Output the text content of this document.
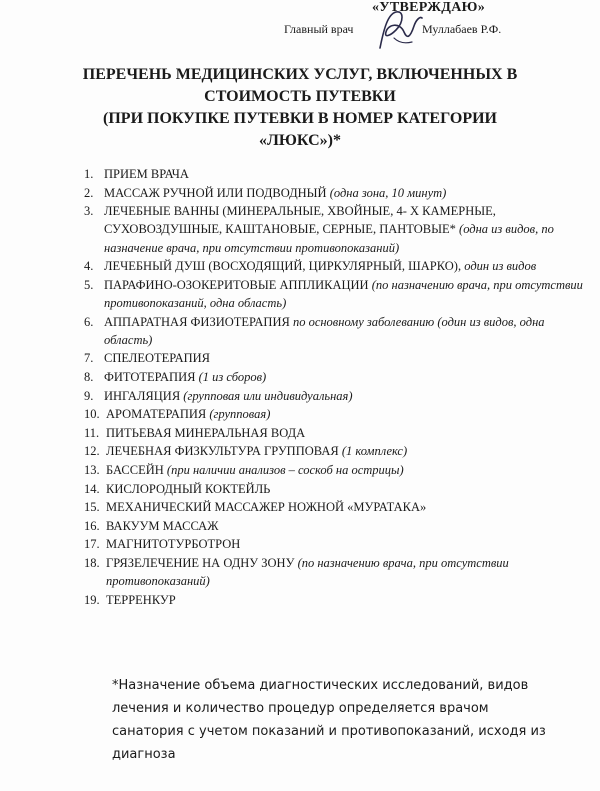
«УТВЕРЖДАЮ»
Главный врач	Муллабаев Р.Ф.
ПЕРЕЧЕНЬ МЕДИЦИНСКИХ УСЛУГ, ВКЛЮЧЕННЫХ В
СТОИМОСТЬ ПУТЕВКИ
(ПРИ ПОКУПКЕ ПУТЕВКИ В НОМЕР КАТЕГОРИИ
«ЛЮКС»)*
1. ПРИЕМ ВРАЧА
2. МАССАЖ РУЧНОЙ ИЛИ ПОДВОДНЫЙ (одна зона, 10 минут)
3. ЛЕЧЕБНЫЕ ВАННЫ (МИНЕРАЛЬНЫЕ, ХВОЙНЫЕ, 4- Х КАМЕРНЫЕ, СУХОВОЗДУШНЫЕ, КАШТАНОВЫЕ, СЕРНЫЕ, ПАНТОВЫЕ* (одна из видов, по назначение врача, при отсутствии противопоказаний)
4. ЛЕЧЕБНЫЙ ДУШ (ВОСХОДЯЩИЙ, ЦИРКУЛЯРНЫЙ, ШАРКО), один из видов
5. ПАРАФИНО-ОЗОКЕРИТОВЫЕ АППЛИКАЦИИ (по назначению врача, при отсутствии противопоказаний, одна область)
6. АППАРАТНАЯ ФИЗИОТЕРАПИЯ по основному заболеванию (один из видов, одна область)
7. СПЕЛЕОТЕРАПИЯ
8. ФИТОТЕРАПИЯ (1 из сборов)
9. ИНГАЛЯЦИЯ (групповая или индивидуальная)
10. АРОМАТЕРАПИЯ (групповая)
11. ПИТЬЕВАЯ МИНЕРАЛЬНАЯ ВОДА
12. ЛЕЧЕБНАЯ ФИЗКУЛЬТУРА ГРУППОВАЯ (1 комплекс)
13. БАССЕЙН (при наличии анализов – соскоб на острицы)
14. КИСЛОРОДНЫЙ КОКТЕЙЛЬ
15. МЕХАНИЧЕСКИЙ МАССАЖЕР НОЖНОЙ «МУРАТАКА»
16. ВАКУУМ МАССАЖ
17. МАГНИТОТУРБОТРОН
18. ГРЯЗЕЛЕЧЕНИЕ НА ОДНУ ЗОНУ (по назначению врача, при отсутствии противопоказаний)
19. ТЕРРЕНКУР
*Назначение объема диагностических исследований, видов лечения и количество процедур определяется врачом санатория с учетом показаний и противопоказаний, исходя из диагноза
